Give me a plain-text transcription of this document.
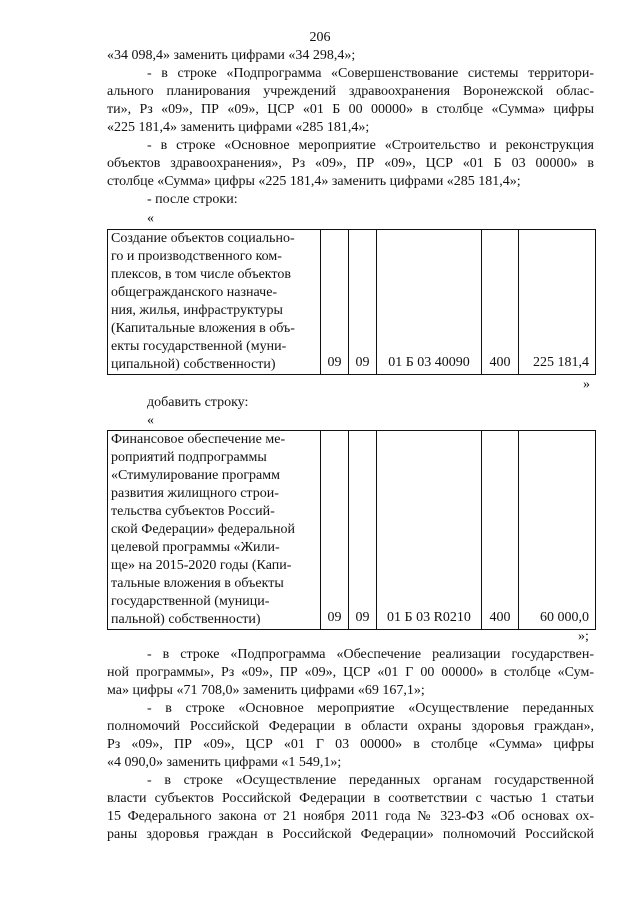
206
«34 098,4» заменить цифрами «34 298,4»;
- в строке «Подпрограмма «Совершенствование системы территори-
ального планирования учреждений здравоохранения Воронежской облас-
ти», Рз «09», ПР «09», ЦСР «01 Б 00 00000» в столбце «Сумма» цифры
«225 181,4» заменить цифрами «285 181,4»;
- в строке «Основное мероприятие «Строительство и реконструкция
объектов здравоохранения», Рз «09», ПР «09», ЦСР «01 Б 03 00000» в
столбце «Сумма» цифры «225 181,4» заменить цифрами «285 181,4»;
- после строки:
«
Создание объектов социально-
го и производственного ком-
плексов, в том числе объектов
общегражданского назначе-
ния, жилья, инфраструктуры
(Капитальные вложения в объ-
екты государственной (муни-
ципальной) собственности)	09	09	01 Б 03 40090	400	225 181,4
»
добавить строку:
«
Финансовое обеспечение ме-
роприятий подпрограммы
«Стимулирование программ
развития жилищного строи-
тельства субъектов Россий-
ской Федерации» федеральной
целевой программы «Жили-
ще» на 2015-2020 годы (Капи-
тальные вложения в объекты
государственной (муници-
пальной) собственности)	09	09	01 Б 03 R0210	400	60 000,0
»;
- в строке «Подпрограмма «Обеспечение реализации государствен-
ной программы», Рз «09», ПР «09», ЦСР «01 Г 00 00000» в столбце «Сум-
ма» цифры «71 708,0» заменить цифрами «69 167,1»;
- в строке «Основное мероприятие «Осуществление переданных
полномочий Российской Федерации в области охраны здоровья граждан»,
Рз «09», ПР «09», ЦСР «01 Г 03 00000» в столбце «Сумма» цифры
«4 090,0» заменить цифрами «1 549,1»;
- в строке «Осуществление переданных органам государственной
власти субъектов Российской Федерации в соответствии с частью 1 статьи
15 Федерального закона от 21 ноября 2011 года № 323-ФЗ «Об основах ох-
раны здоровья граждан в Российской Федерации» полномочий Российской
